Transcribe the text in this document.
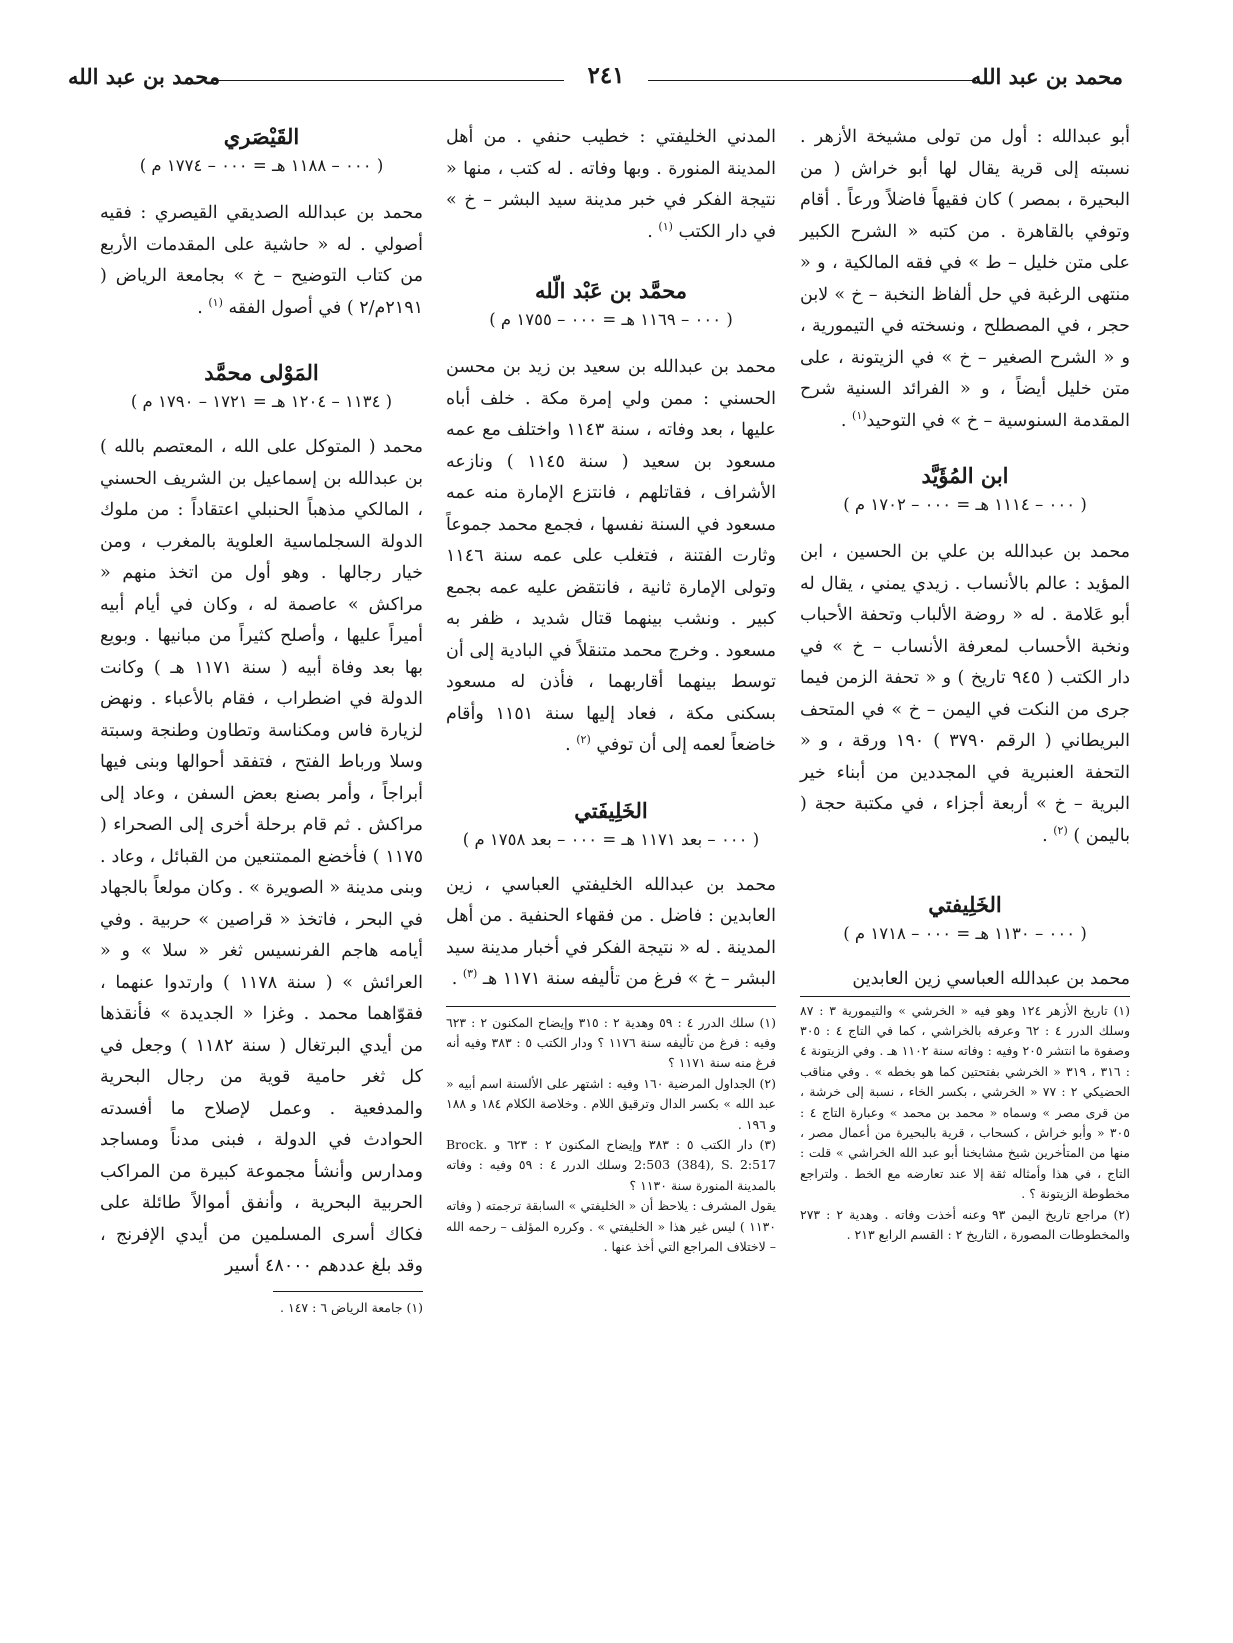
محمد بن عبد الله
٢٤١
محمد بن عبد الله

أبو عبدالله : أول من تولى مشيخة الأزهر . نسبته إلى قرية يقال لها أبو خراش ( من البحيرة ، بمصر ) كان فقيهاً فاضلاً ورعاً . أقام وتوفي بالقاهرة . من كتبه « الشرح الكبير على متن خليل – ط » في فقه المالكية ، و « منتهى الرغبة في حل ألفاظ النخبة – خ » لابن حجر ، في المصطلح ، ونسخته في التيمورية ، و « الشرح الصغير – خ » في الزيتونة ، على متن خليل أيضاً ، و « الفرائد السنية شرح المقدمة السنوسية – خ » في التوحيد$^{(١)}$ .

ابن المُؤَيَّد

( ٠٠٠ – ١١١٤ هـ = ٠٠٠ – ١٧٠٢ م )

محمد بن عبدالله بن علي بن الحسين ، ابن المؤيد : عالم بالأنساب . زيدي يمني ، يقال له أبو عَلامة . له « روضة الألباب وتحفة الأحباب ونخبة الأحساب لمعرفة الأنساب – خ » في دار الكتب ( ٩٤٥ تاريخ ) و « تحفة الزمن فيما جرى من النكت في اليمن – خ » في المتحف البريطاني ( الرقم ٣٧٩٠ ) ١٩٠ ورقة ، و « التحفة العنبرية في المجددين من أبناء خير البرية – خ » أربعة أجزاء ، في مكتبة حجة ( باليمن ) $^{(٢)}$ .

الخَلِيفتي

( ٠٠٠ – ١١٣٠ هـ = ٠٠٠ – ١٧١٨ م )

محمد بن عبدالله العباسي زين العابدين

(١) تاريخ الأزهر ١٢٤ وهو فيه « الخرشي » والتيمورية ٣ : ٨٧ وسلك الدرر ٤ : ٦٢ وعرفه بالخراشي ، كما في التاج ٤ : ٣٠٥ وصفوة ما انتشر ٢٠٥ وفيه : وفاته سنة ١١٠٢ هـ . وفي الزيتونة ٤ : ٣١٦ ، ٣١٩ « الخرشي بفتحتين كما هو بخطه » . وفي مناقب الحضيكي ٢ : ٧٧ « الخرشي ، بكسر الخاء ، نسبة إلى خرشة ، من قرى مصر » وسماه « محمد بن محمد » وعبارة التاج ٤ : ٣٠٥ « وأبو خراش ، كسحاب ، قرية بالبحيرة من أعمال مصر ، منها من المتأخرين شيخ مشايخنا أبو عبد الله الخراشي » قلت : التاج ، في هذا وأمثاله ثقة إلا عند تعارضه مع الخط . ولتراجع مخطوطة الزيتونة ؟ .

(٢) مراجع تاريخ اليمن ٩٣ وعنه أخذت وفاته . وهدية ٢ : ٢٧٣ والمخطوطات المصورة ، التاريخ ٢ : القسم الرابع ٢١٣ .

المدني الخليفتي : خطيب حنفي . من أهل المدينة المنورة . وبها وفاته . له كتب ، منها « نتيجة الفكر في خبر مدينة سيد البشر – خ » في دار الكتب $^{(١)}$ .

محمَّد بن عَبْد الّله

( ٠٠٠ – ١١٦٩ هـ = ٠٠٠ – ١٧٥٥ م )

محمد بن عبدالله بن سعيد بن زيد بن محسن الحسني : ممن ولي إمرة مكة . خلف أباه عليها ، بعد وفاته ، سنة ١١٤٣ واختلف مع عمه مسعود بن سعيد ( سنة ١١٤٥ ) ونازعه الأشراف ، فقاتلهم ، فانتزع الإمارة منه عمه مسعود في السنة نفسها ، فجمع محمد جموعاً وثارت الفتنة ، فتغلب على عمه سنة ١١٤٦ وتولى الإمارة ثانية ، فانتقض عليه عمه بجمع كبير . ونشب بينهما قتال شديد ، ظفر به مسعود . وخرج محمد متنقلاً في البادية إلى أن توسط بينهما أقاربهما ، فأذن له مسعود بسكنى مكة ، فعاد إليها سنة ١١٥١ وأقام خاضعاً لعمه إلى أن توفي $^{(٢)}$ .

الخَلِيفَتي

( ٠٠٠ – بعد ١١٧١ هـ = ٠٠٠ – بعد ١٧٥٨ م )

محمد بن عبدالله الخليفتي العباسي ، زين العابدين : فاضل . من فقهاء الحنفية . من أهل المدينة . له « نتيجة الفكر في أخبار مدينة سيد البشر – خ » فرغ من تأليفه سنة ١١٧١ هـ $^{(٣)}$ .

(١) سلك الدرر ٤ : ٥٩ وهدية ٢ : ٣١٥ وإيضاح المكنون ٢ : ٦٢٣ وفيه : فرغ من تأليفه سنة ١١٧٦ ؟ ودار الكتب ٥ : ٣٨٣ وفيه أنه فرغ منه سنة ١١٧١ ؟

(٢) الجداول المرضية ١٦٠ وفيه : اشتهر على الألسنة اسم أبيه « عبد الله » بكسر الدال وترقيق اللام . وخلاصة الكلام ١٨٤ و ١٨٨ و ١٩٦ .

(٣) دار الكتب ٥ : ٣٨٣ وإيضاح المكنون ٢ : ٦٢٣ و Brock. 2:503 (384), S. 2:517 وسلك الدرر ٤ : ٥٩ وفيه : وفاته بالمدينة المنورة سنة ١١٣٠ ؟

يقول المشرف : يلاحظ أن « الخليفتي » السابقة ترجمته ( وفاته ١١٣٠ ) ليس غير هذا « الخليفتي » . وكرره المؤلف – رحمه الله – لاختلاف المراجع التي أخذ عنها .

القَيْصَري

( ٠٠٠ – ١١٨٨ هـ = ٠٠٠ – ١٧٧٤ م )

محمد بن عبدالله الصديقي القيصري : فقيه أصولي . له « حاشية على المقدمات الأربع من كتاب التوضيح – خ » بجامعة الرياض ( ٢١٩١م/٢ ) في أصول الفقه $^{(١)}$ .

المَوْلى محمَّد

( ١١٣٤ – ١٢٠٤ هـ = ١٧٢١ – ١٧٩٠ م )

محمد ( المتوكل على الله ، المعتصم بالله ) بن عبدالله بن إسماعيل بن الشريف الحسني ، المالكي مذهباً الحنبلي اعتقاداً : من ملوك الدولة السجلماسية العلوية بالمغرب ، ومن خيار رجالها . وهو أول من اتخذ منهم « مراكش » عاصمة له ، وكان في أيام أبيه أميراً عليها ، وأصلح كثيراً من مبانيها . وبويع بها بعد وفاة أبيه ( سنة ١١٧١ هـ ) وكانت الدولة في اضطراب ، فقام بالأعباء . ونهض لزيارة فاس ومكناسة وتطاون وطنجة وسبتة وسلا ورباط الفتح ، فتفقد أحوالها وبنى فيها أبراجاً ، وأمر بصنع بعض السفن ، وعاد إلى مراكش . ثم قام برحلة أخرى إلى الصحراء ( ١١٧٥ ) فأخضع الممتنعين من القبائل ، وعاد . وبنى مدينة « الصويرة » . وكان مولعاً بالجهاد في البحر ، فاتخذ « قراصين » حربية . وفي أيامه هاجم الفرنسيس ثغر « سلا » و « العرائش » ( سنة ١١٧٨ ) وارتدوا عنهما ، فقوّاهما محمد . وغزا « الجديدة » فأنقذها من أيدي البرتغال ( سنة ١١٨٢ ) وجعل في كل ثغر حامية قوية من رجال البحرية والمدفعية . وعمل لإصلاح ما أفسدته الحوادث في الدولة ، فبنى مدناً ومساجد ومدارس وأنشأ مجموعة كبيرة من المراكب الحربية البحرية ، وأنفق أموالاً طائلة على فكاك أسرى المسلمين من أيدي الإفرنج ، وقد بلغ عددهم ٤٨٠٠٠ أسير

(١) جامعة الرياض ٦ : ١٤٧ .
